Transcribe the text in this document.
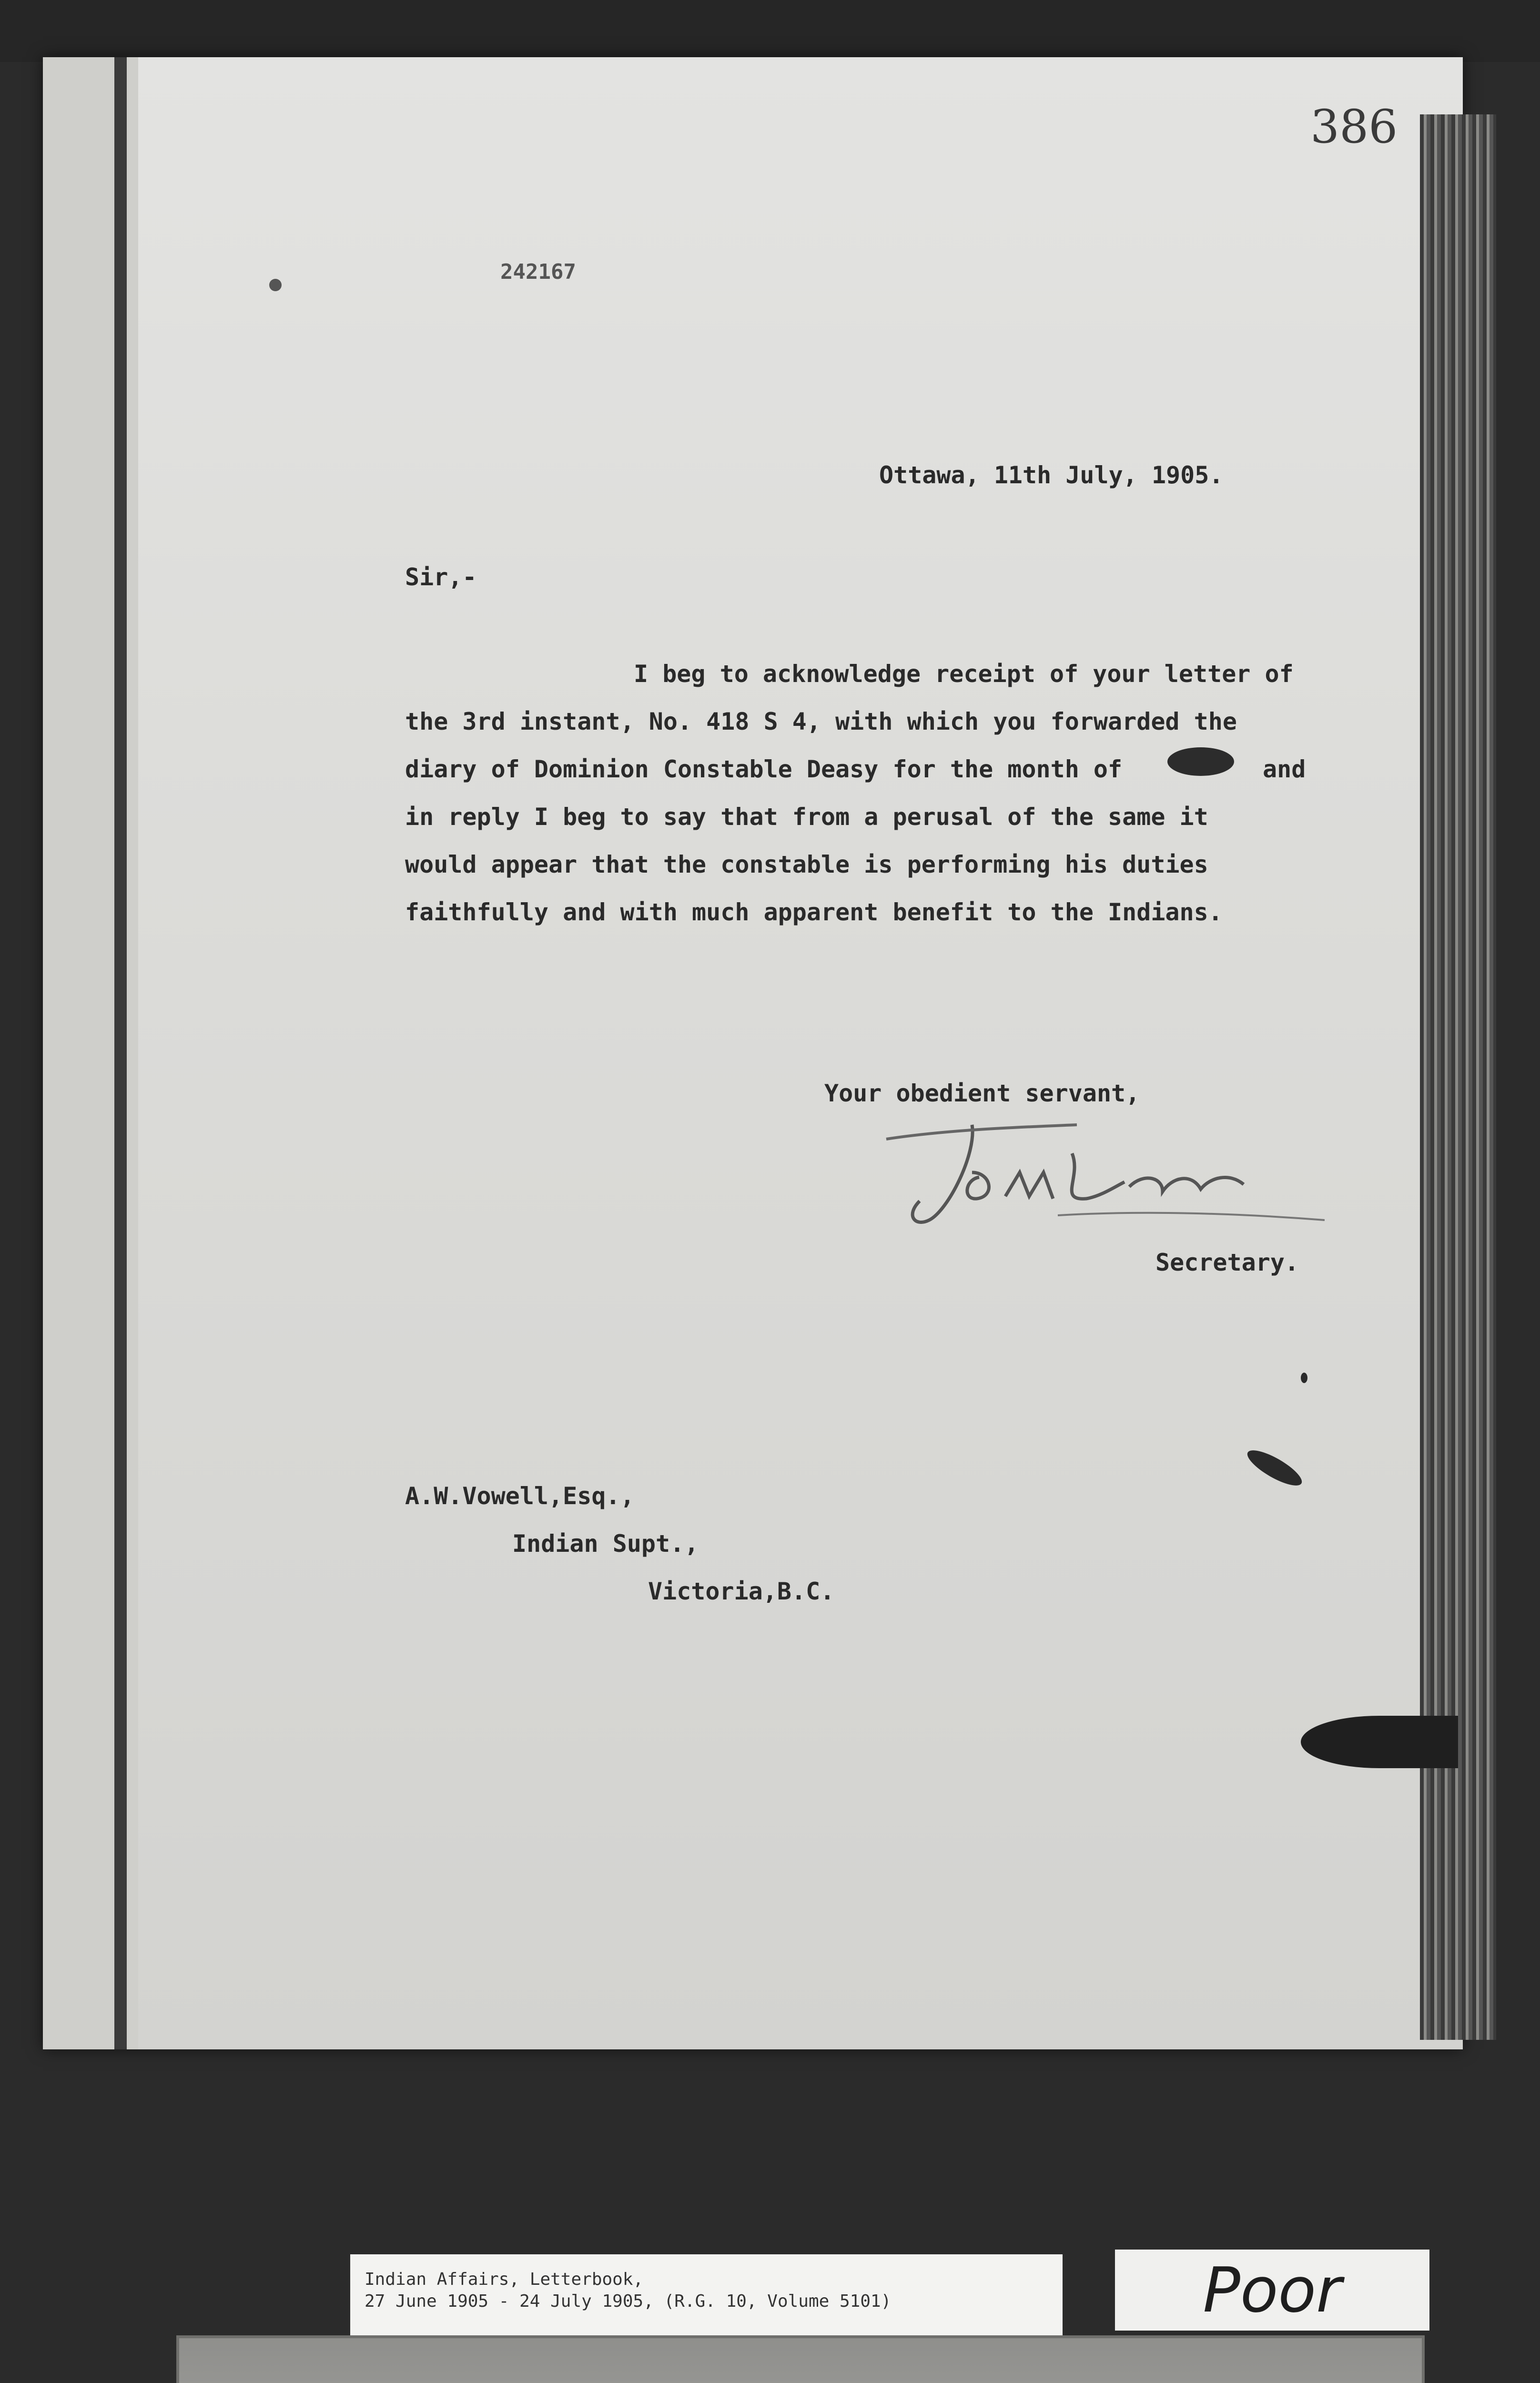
386
242167
Ottawa, 11th July, 1905.
Sir,-
I beg to acknowledge receipt of your letter of
the 3rd instant, No. 418 S 4, with which you forwarded the
diary of Dominion Constable Deasy for the month of	and
in reply I beg to say that from a perusal of the same it
would appear that the constable is performing his duties
faithfully and with much apparent benefit to the Indians.
Your obedient servant,
Secretary.
A.W.Vowell,Esq.,
Indian Supt.,
Victoria,B.C.
Indian Affairs, Letterbook,
27 June 1905 - 24 July 1905, (R.G. 10, Volume 5101)	Poor
